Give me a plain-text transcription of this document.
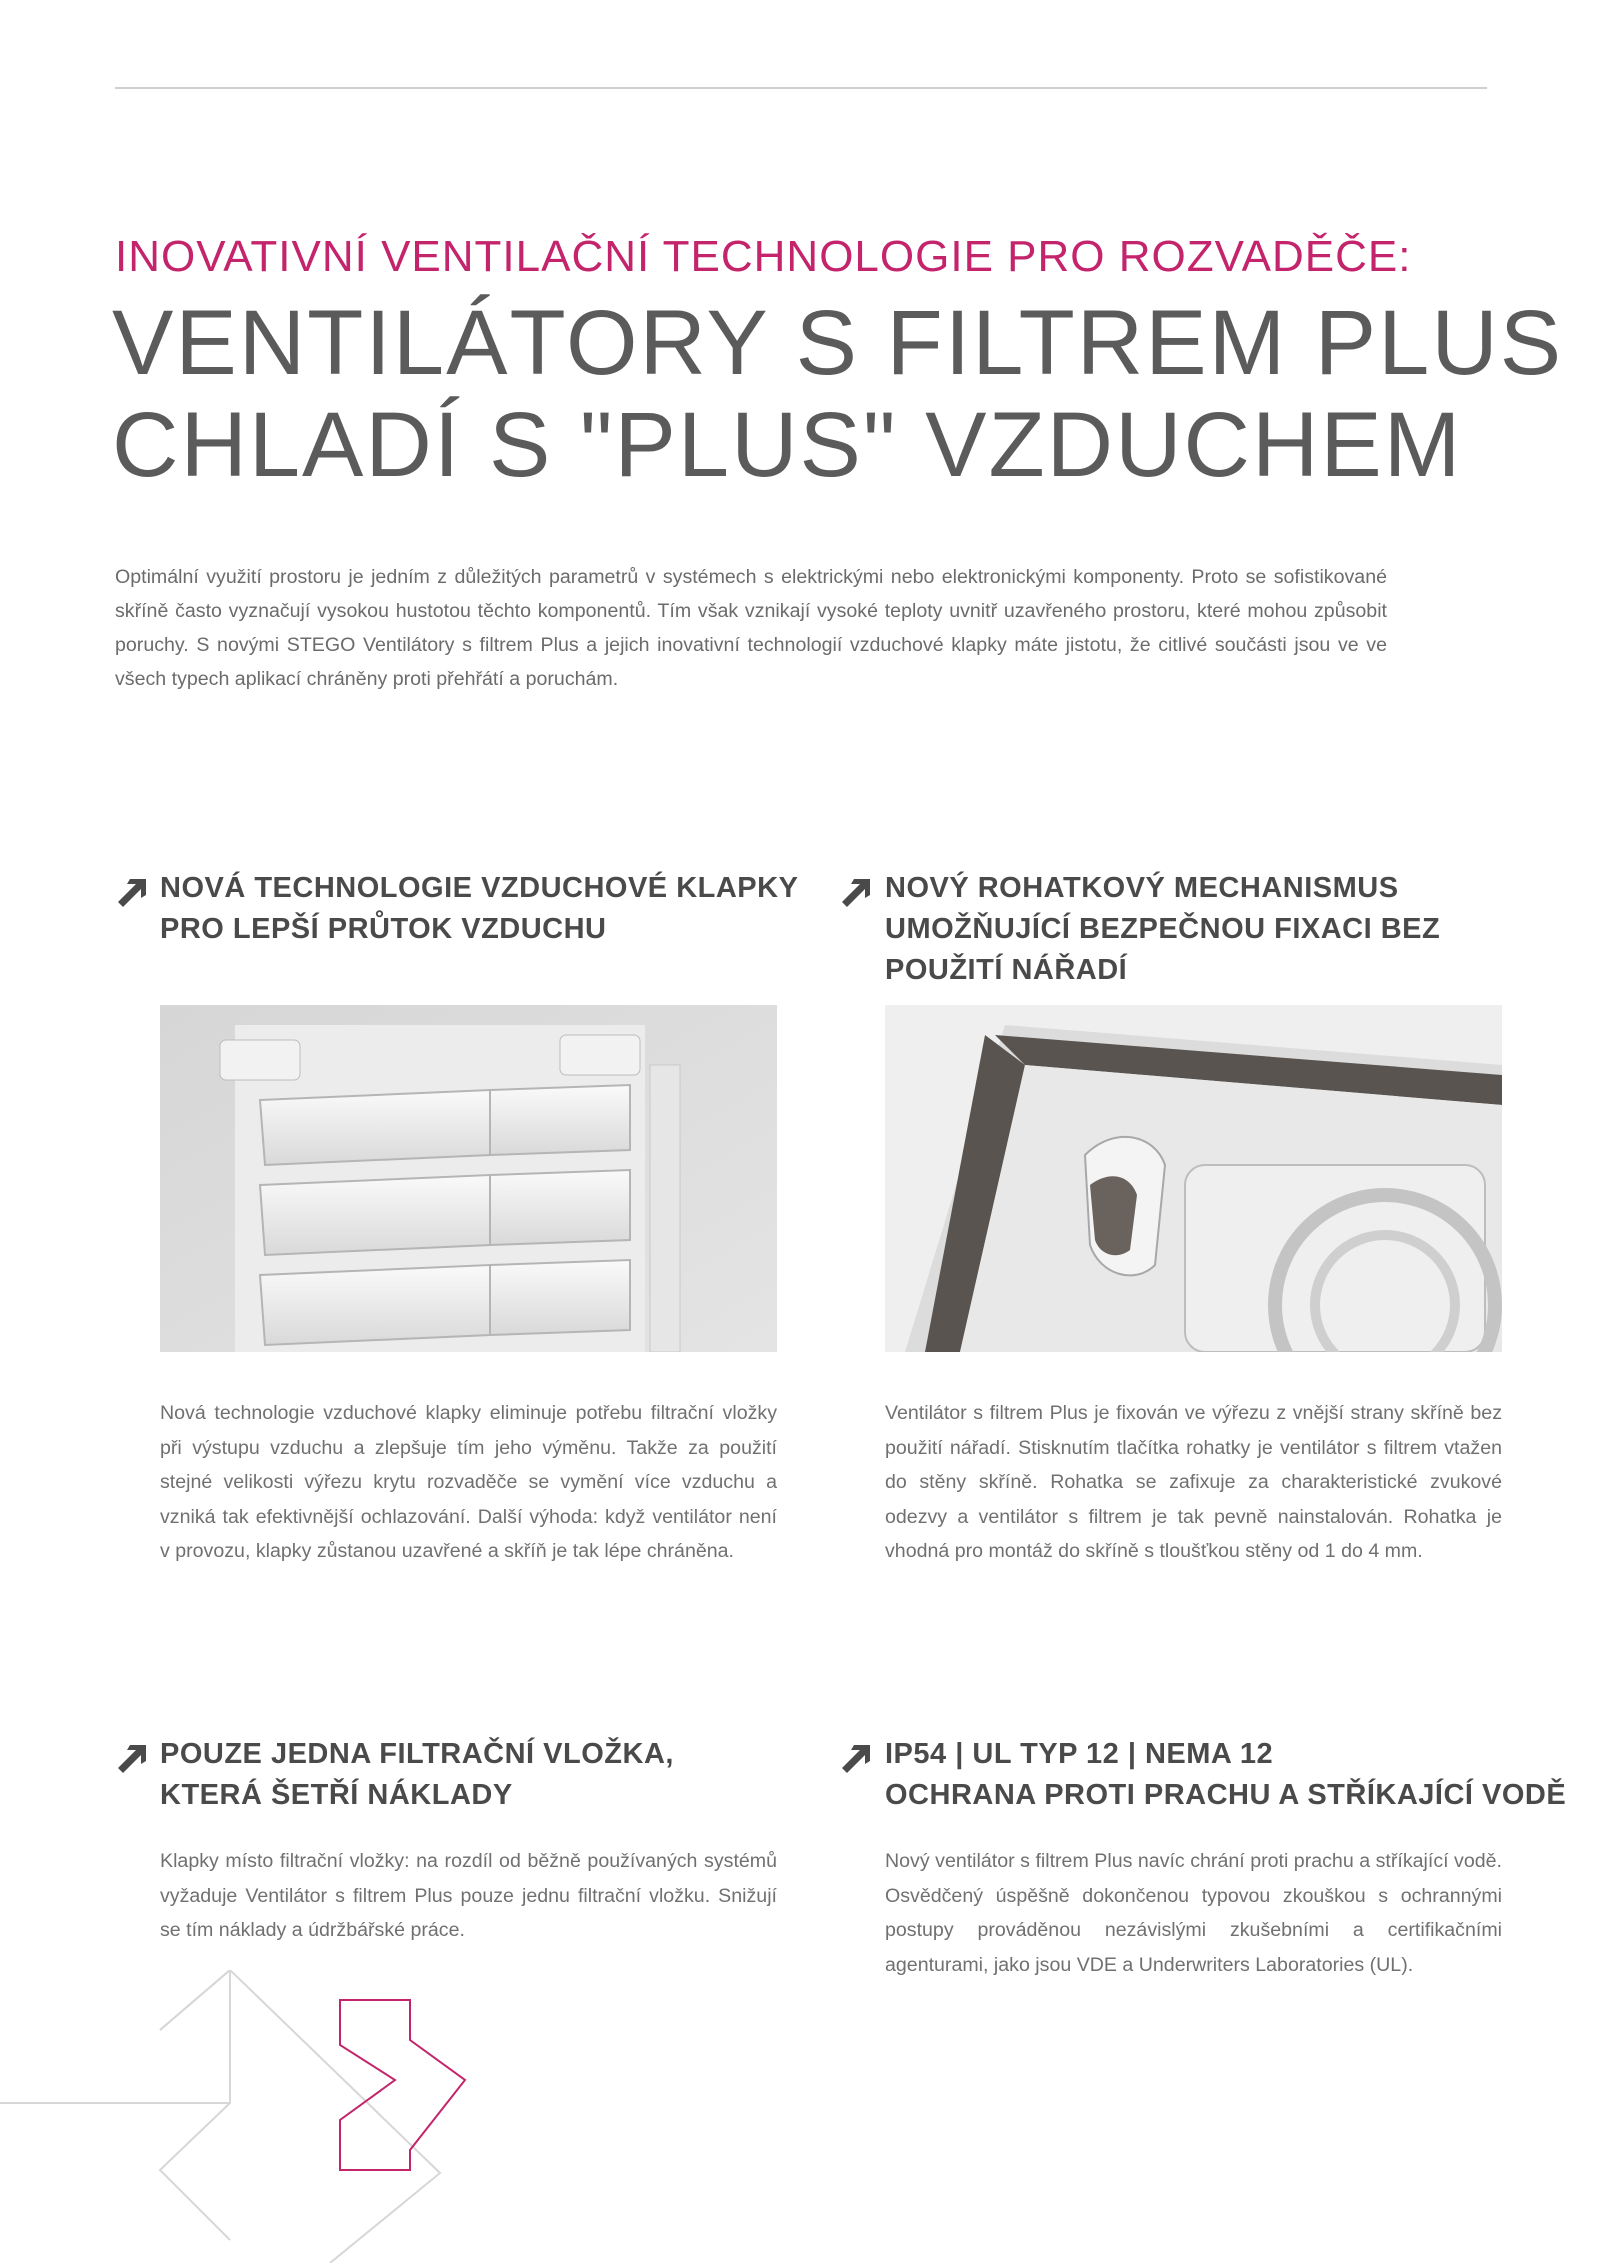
INOVATIVNÍ VENTILAČNÍ TECHNOLOGIE PRO ROZVADĚČE:
VENTILÁTORY S FILTREM PLUS
CHLADÍ S "PLUS" VZDUCHEM
Optimální využití prostoru je jedním z důležitých parametrů v systémech s elektrickými nebo elektronickými komponenty. Proto se sofistikované skříně často vyznačují vysokou hustotou těchto komponentů. Tím však vznikají vysoké teploty uvnitř uzavřeného prostoru, které mohou způsobit poruchy. S novými STEGO Ventilátory s filtrem Plus a jejich inovativní technologií vzduchové klapky máte jistotu, že citlivé součásti jsou ve ve všech typech aplikací chráněny proti přehřátí a poruchám.
NOVÁ TECHNOLOGIE VZDUCHOVÉ KLAPKY
PRO LEPŠÍ PRŮTOK VZDUCHU
Nová technologie vzduchové klapky eliminuje potřebu filtrační vložky při výstupu vzduchu a zlepšuje tím jeho výměnu. Takže za použití stejné velikosti výřezu krytu rozvaděče se vymění více vzduchu a vzniká tak efektivnější ochlazování. Další výhoda: když ventilátor není v provozu, klapky zůstanou uzavřené a skříň je tak lépe chráněna.
NOVÝ ROHATKOVÝ MECHANISMUS
UMOŽŇUJÍCÍ BEZPEČNOU FIXACI BEZ
POUŽITÍ NÁŘADÍ
Ventilátor s filtrem Plus je fixován ve výřezu z vnější strany skříně bez použití nářadí. Stisknutím tlačítka rohatky je ventilátor s filtrem vtažen do stěny skříně. Rohatka se zafixuje za charakteristické zvukové odezvy a ventilátor s filtrem je tak pevně nainstalován. Rohatka je vhodná pro montáž do skříně s tloušťkou stěny od 1 do 4 mm.
POUZE JEDNA FILTRAČNÍ VLOŽKA,
KTERÁ ŠETŘÍ NÁKLADY
Klapky místo filtrační vložky: na rozdíl od běžně používaných systémů vyžaduje Ventilátor s filtrem Plus pouze jednu filtrační vložku. Snižují se tím náklady a údržbářské práce.
IP54 | UL TYP 12 | NEMA 12
OCHRANA PROTI PRACHU A STŘÍKAJÍCÍ VODĚ
Nový ventilátor s filtrem Plus navíc chrání proti prachu a stříkající vodě. Osvědčený úspěšně dokončenou typovou zkouškou s ochrannými postupy prováděnou nezávislými zkušebními a certifikačními agenturami, jako jsou VDE a Underwriters Laboratories (UL).
